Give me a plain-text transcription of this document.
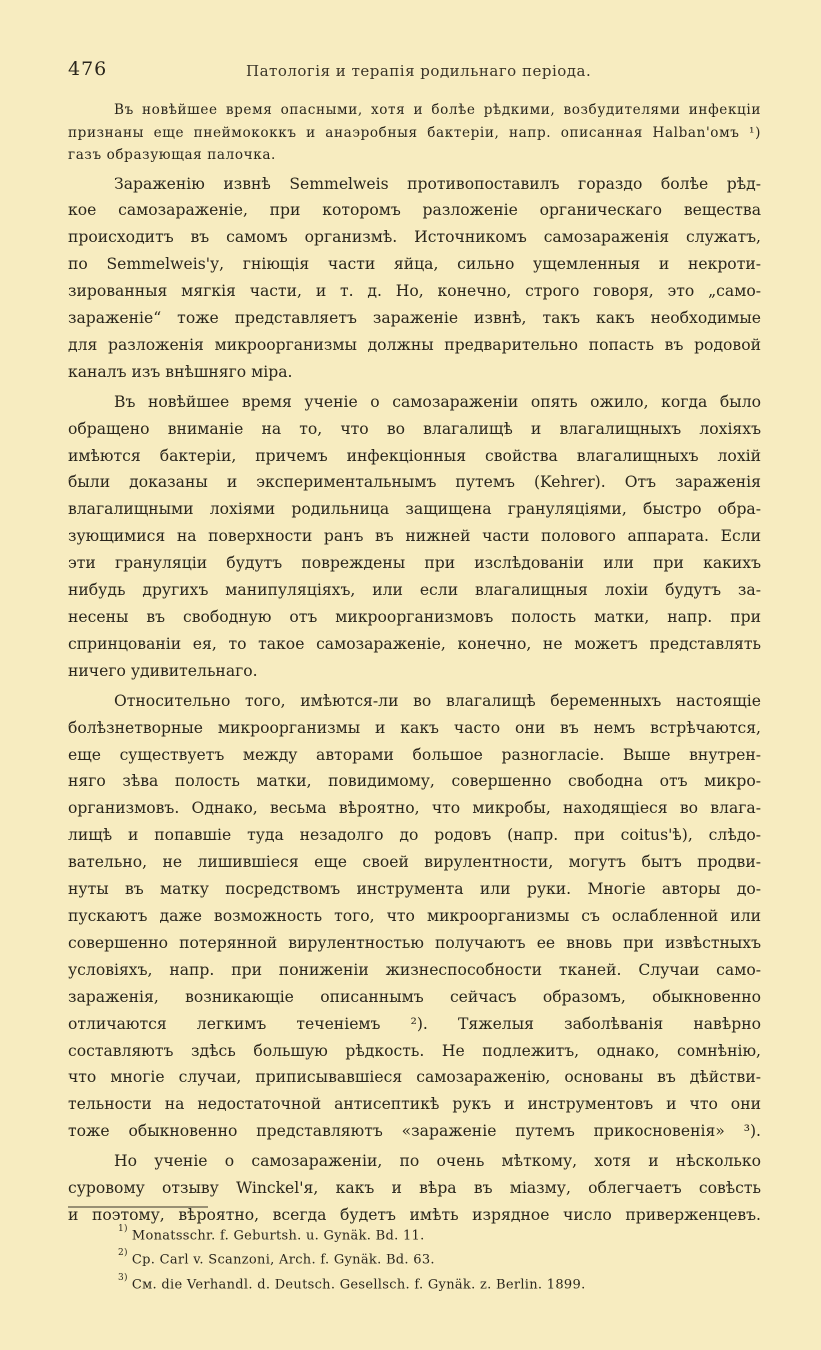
476	Патологія и терапія родильнаго періода.
Въ новѣйшее время опасными, хотя и болѣе рѣдкими, возбудителями инфекціи
признаны еще пнеймококкъ и анаэробныя бактеріи, напр. описанная Halban'омъ ¹)
газъ образующая палочка.
Зараженію извнѣ Semmelweis противопоставилъ гораздо болѣе рѣд-
кое самозараженіе, при которомъ разложеніе органическаго вещества
происходитъ въ самомъ организмѣ. Источникомъ самозараженія служатъ,
по Semmelweis'у, гніющія части яйца, сильно ущемленныя и некроти-
зированныя мягкія части, и т. д. Но, конечно, строго говоря, это „само-
зараженіе“ тоже представляетъ зараженіе извнѣ, такъ какъ необходимые
для разложенія микроорганизмы должны предварительно попасть въ родовой
каналъ изъ внѣшняго міра.
Въ новѣйшее время ученіе о самозараженіи опять ожило, когда было
обращено вниманіе на то, что во влагалищѣ и влагалищныхъ лохіяхъ
имѣются бактеріи, причемъ инфекціонныя свойства влагалищныхъ лохій
были доказаны и экспериментальнымъ путемъ (Kehrer). Отъ зараженія
влагалищными лохіями родильница защищена грануляціями, быстро обра-
зующимися на поверхности ранъ въ нижней части полового аппарата. Если
эти грануляціи будутъ повреждены при изслѣдованіи или при какихъ
нибудь другихъ манипуляціяхъ, или если влагалищныя лохіи будутъ за-
несены въ свободную отъ микроорганизмовъ полость матки, напр. при
спринцованіи ея, то такое самозараженіе, конечно, не можетъ представлять
ничего удивительнаго.
Относительно того, имѣются-ли во влагалищѣ беременныхъ настоящіе
болѣзнетворные микроорганизмы и какъ часто они въ немъ встрѣчаются,
еще существуетъ между авторами большое разногласіе. Выше внутрен-
няго зѣва полость матки, повидимому, совершенно свободна отъ микро-
организмовъ. Однако, весьма вѣроятно, что микробы, находящіеся во влага-
лищѣ и попавшіе туда незадолго до родовъ (напр. при coitus'ѣ), слѣдо-
вательно, не лишившіеся еще своей вирулентности, могутъ бытъ продви-
нуты въ матку посредствомъ инструмента или руки. Многіе авторы до-
пускаютъ даже возможность того, что микроорганизмы съ ослабленной или
совершенно потерянной вирулентностью получаютъ ее вновь при извѣстныхъ
условіяхъ, напр. при пониженіи жизнеспособности тканей. Случаи само-
зараженія, возникающіе описаннымъ сейчасъ образомъ, обыкновенно
отличаются легкимъ теченіемъ ²). Тяжелыя заболѣванія навѣрно
составляютъ здѣсь большую рѣдкость. Не подлежитъ, однако, сомнѣнію,
что многіе случаи, приписывавшіеся самозараженію, основаны въ дѣйстви-
тельности на недостаточной антисептикѣ рукъ и инструментовъ и что они
тоже обыкновенно представляютъ «зараженіе путемъ прикосновенія» ³).
Но ученіе о самозараженіи, по очень мѣткому, хотя и нѣсколько
суровому отзыву Winckel'я, какъ и вѣра въ міазму, облегчаетъ совѣсть
и поэтому, вѣроятно, всегда будетъ имѣть изрядное число приверженцевъ.
$^{1)}$ Monatsschr. f. Geburtsh. u. Gynäk. Bd. 11.
$^{2)}$ Cp. Carl v. Scanzoni, Arch. f. Gynäk. Bd. 63.
$^{3)}$ Cм. die Verhandl. d. Deutsch. Gesellsch. f. Gynäk. z. Berlin. 1899.
